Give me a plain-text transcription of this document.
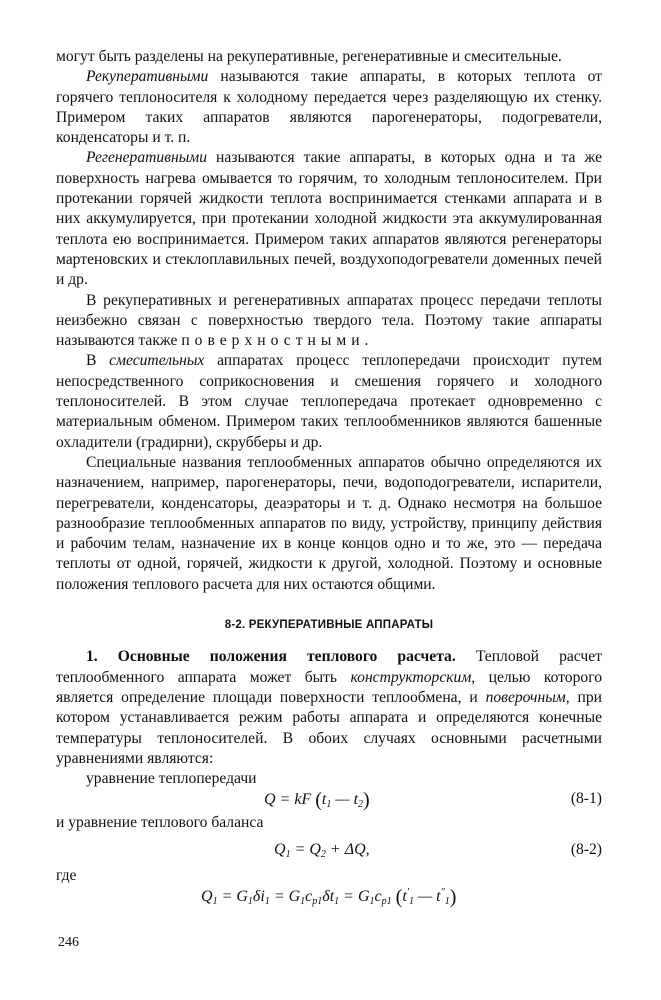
могут быть разделены на рекуперативные, регенеративные и смесительные.

Рекуперативными называются такие аппараты, в которых теплота от горячего теплоносителя к холодному передается через разделяющую их стенку. Примером таких аппаратов являются парогенераторы, подогреватели, конденсаторы и т. п.

Регенеративными называются такие аппараты, в которых одна и та же поверхность нагрева омывается то горячим, то холодным теплоносителем. При протекании горячей жидкости теплота воспринимается стенками аппарата и в них аккумулируется, при протекании холодной жидкости эта аккумулированная теплота ею воспринимается. Примером таких аппаратов являются регенераторы мартеновских и стеклоплавильных печей, воздухоподогреватели доменных печей и др.

В рекуперативных и регенеративных аппаратах процесс передачи теплоты неизбежно связан с поверхностью твердого тела. Поэтому такие аппараты называются также поверхностными.

В смесительных аппаратах процесс теплопередачи происходит путем непосредственного соприкосновения и смешения горячего и холодного теплоносителей. В этом случае теплопередача протекает одновременно с материальным обменом. Примером таких теплообменников являются башенные охладители (градирни), скрубберы и др.

Специальные названия теплообменных аппаратов обычно определяются их назначением, например, парогенераторы, печи, водоподогреватели, испарители, перегреватели, конденсаторы, деаэраторы и т. д. Однако несмотря на большое разнообразие теплообменных аппаратов по виду, устройству, принципу действия и рабочим телам, назначение их в конце концов одно и то же, это — передача теплоты от одной, горячей, жидкости к другой, холодной. Поэтому и основные положения теплового расчета для них остаются общими.

8-2. РЕКУПЕРАТИВНЫЕ АППАРАТЫ

1. Основные положения теплового расчета. Тепловой расчет теплообменного аппарата может быть конструкторским, целью которого является определение площади поверхности теплообмена, и поверочным, при котором устанавливается режим работы аппарата и определяются конечные температуры теплоносителей. В обоих случаях основными расчетными уравнениями являются:

уравнение теплопередачи

Q = kF ($t_1$ — $t_2$)	(8-1)

и уравнение теплового баланса

$Q_1 = Q_2 + \Delta Q$,	(8-2)

где

$Q_1 = G_1\delta i_1 = G_1c_{p1}\delta t_1 = G_1c_{p1}$ ($t'_1$ — $t''_1$)
246
